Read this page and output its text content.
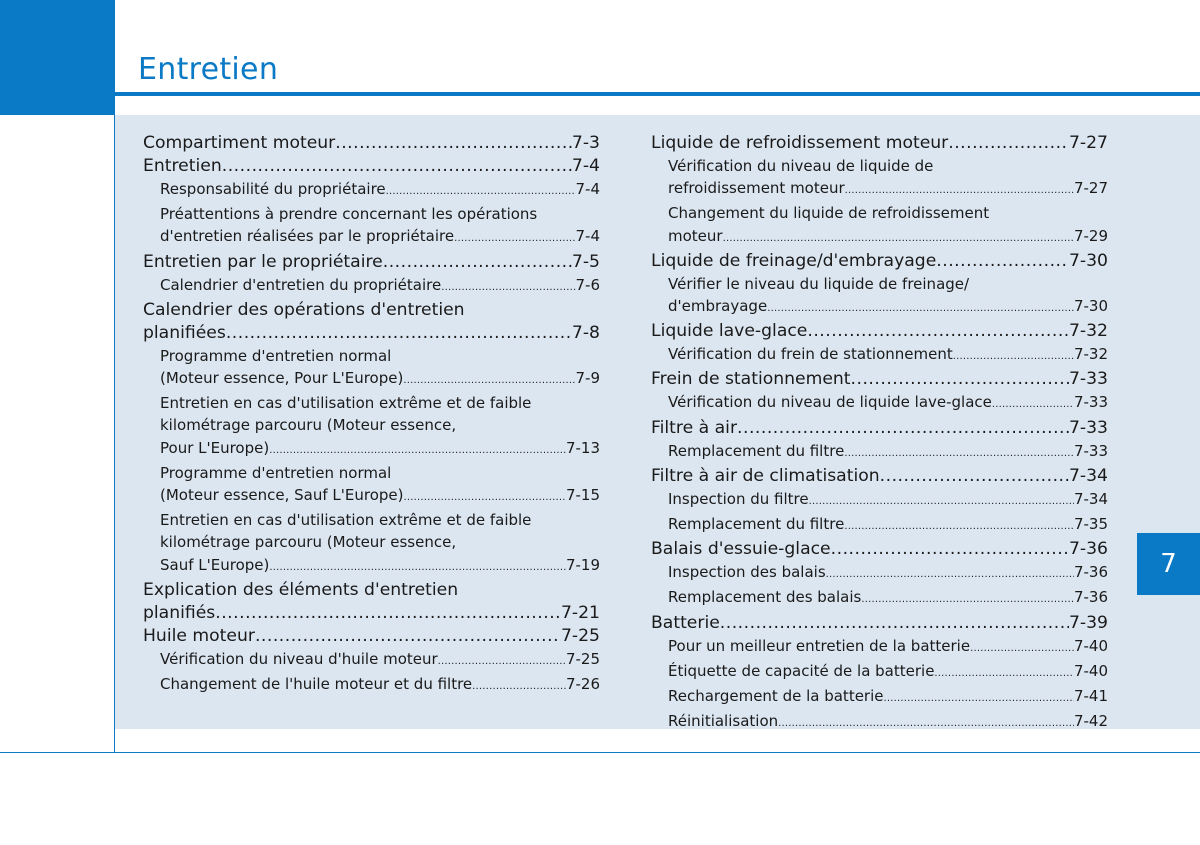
Entretien
7
Compartiment moteur .....	7-3
Entretien .....	7-4
Responsabilité du propriétaire .....	7-4
Préattentions à prendre concernant les opérations
d'entretien réalisées par le propriétaire .....	7-4
Entretien par le propriétaire .....	7-5
Calendrier d'entretien du propriétaire .....	7-6
Calendrier des opérations d'entretien
planifiées .....	7-8
Programme d'entretien normal
(Moteur essence, Pour L'Europe) .....	7-9
Entretien en cas d'utilisation extrême et de faible
kilométrage parcouru (Moteur essence,
Pour L'Europe) .....	7-13
Programme d'entretien normal
(Moteur essence, Sauf L'Europe) .....	7-15
Entretien en cas d'utilisation extrême et de faible
kilométrage parcouru (Moteur essence,
Sauf L'Europe) .....	7-19
Explication des éléments d'entretien
planifiés .....	7-21
Huile moteur .....	7-25
Vérification du niveau d'huile moteur .....	7-25
Changement de l'huile moteur et du filtre .....	7-26
Liquide de refroidissement moteur .....	7-27
Vérification du niveau de liquide de
refroidissement moteur .....	7-27
Changement du liquide de refroidissement
moteur .....	7-29
Liquide de freinage/d'embrayage .....	7-30
Vérifier le niveau du liquide de freinage/
d'embrayage .....	7-30
Liquide lave-glace .....	7-32
Vérification du frein de stationnement .....	7-32
Frein de stationnement .....	7-33
Vérification du niveau de liquide lave-glace .....	7-33
Filtre à air .....	7-33
Remplacement du filtre .....	7-33
Filtre à air de climatisation .....	7-34
Inspection du filtre .....	7-34
Remplacement du filtre .....	7-35
Balais d'essuie-glace .....	7-36
Inspection des balais .....	7-36
Remplacement des balais .....	7-36
Batterie .....	7-39
Pour un meilleur entretien de la batterie .....	7-40
Étiquette de capacité de la batterie .....	7-40
Rechargement de la batterie .....	7-41
Réinitialisation .....	7-42
